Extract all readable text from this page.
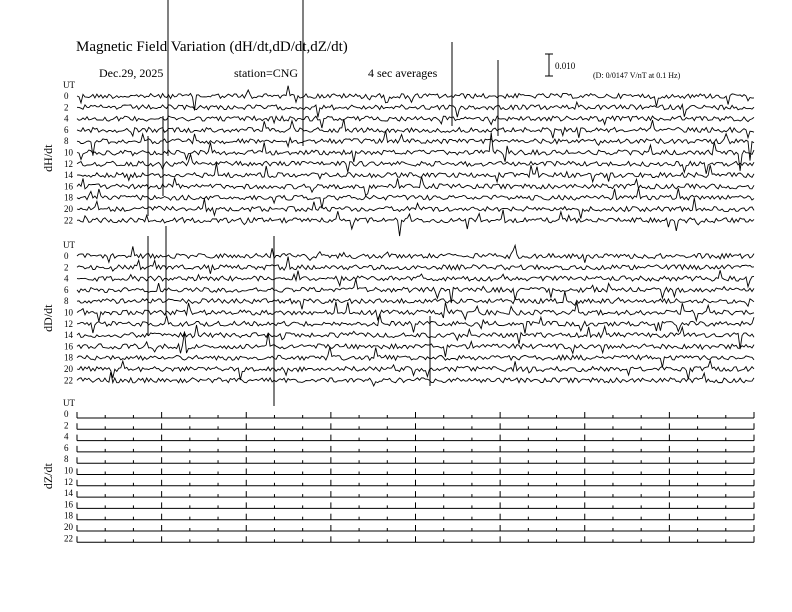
Magnetic Field Variation (dH/dt,dD/dt,dZ/dt)
Dec.29, 2025	station=CNG	4 sec averages	0.010
(D: 0/0147 V/nT at 0.1 Hz)
UT
dH/dt
0
2
4
6
8
10
12
14
16
18
20
22
UT
dD/dt
0
2
4
6
8
10
12
14
16
18
20
22
UT
dZ/dt
0
2
4
6
8
10
12
14
16
18
20
22
